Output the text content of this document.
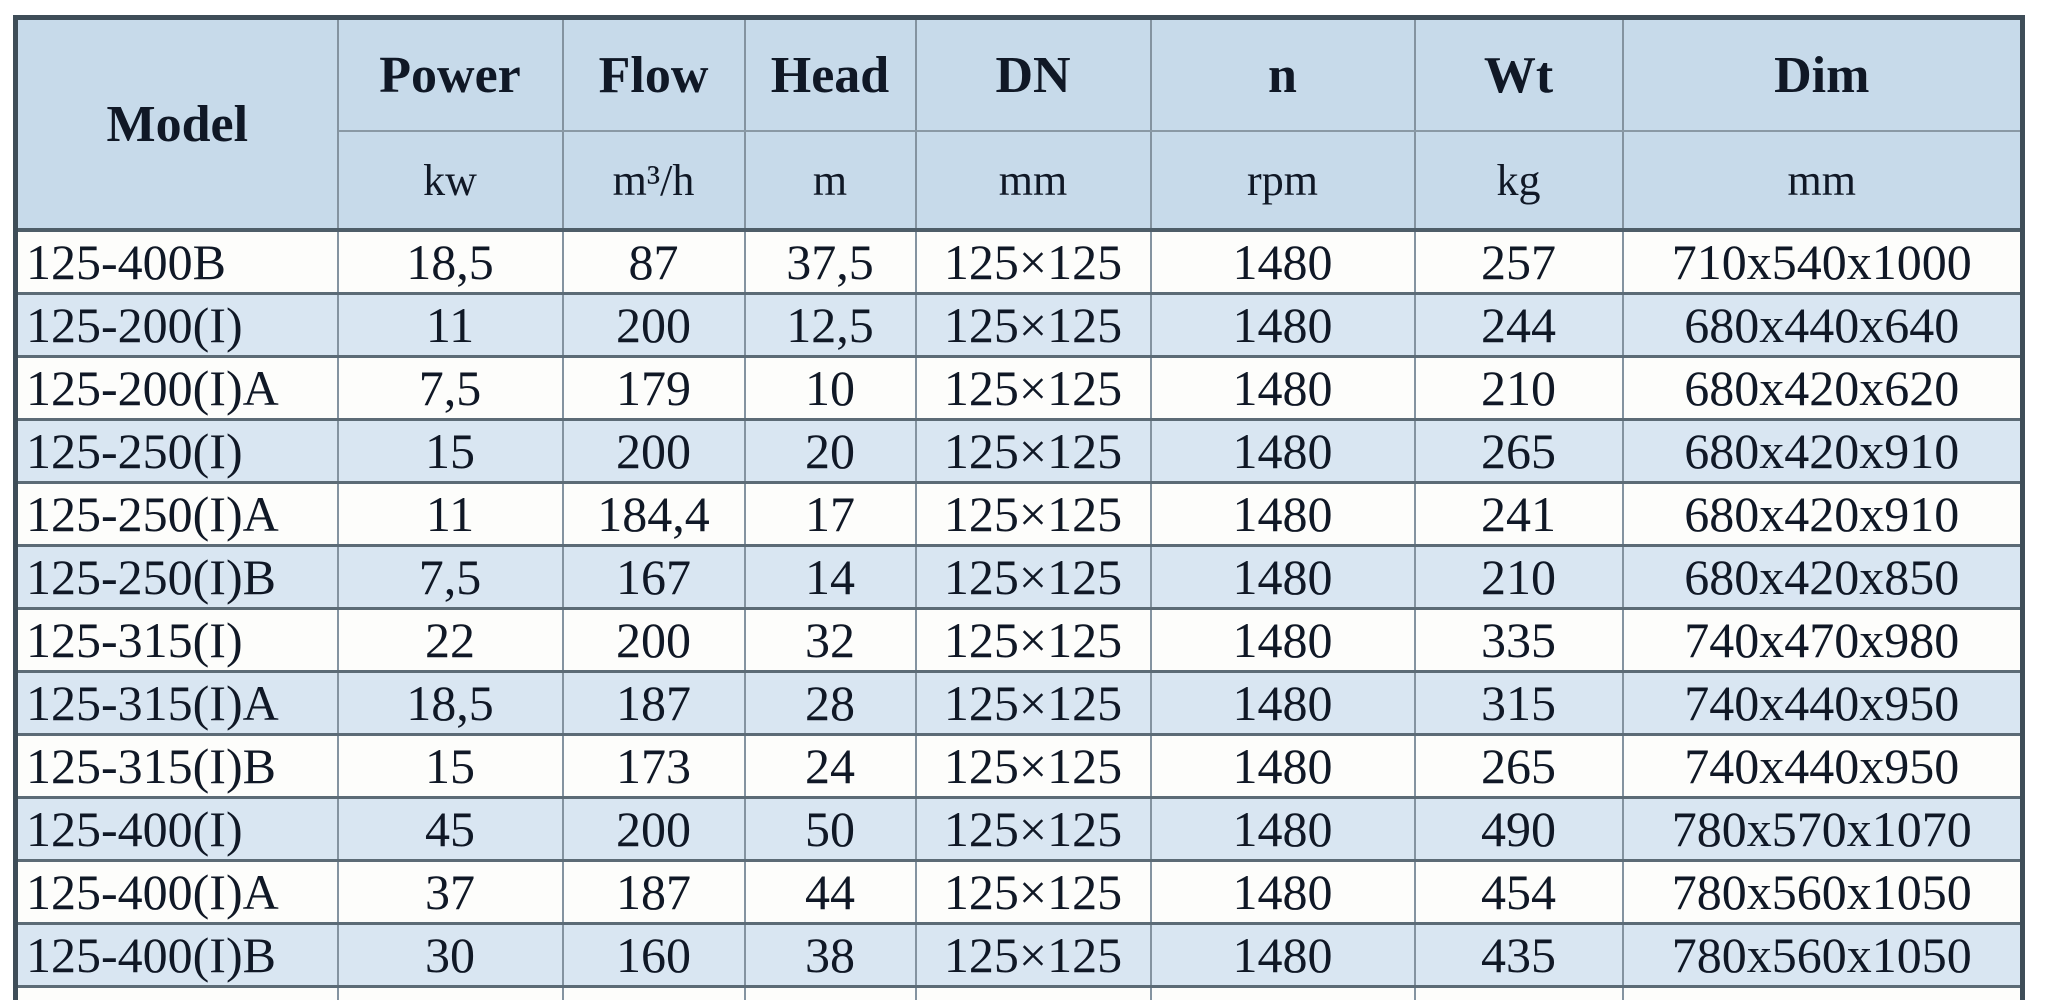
Model	Power	Flow	Head	DN	n	Wt	Dim
	kw	m³/h	m	mm	rpm	kg	mm
125-400B	18,5	87	37,5	125×125	1480	257	710x540x1000
125-200(I)	11	200	12,5	125×125	1480	244	680x440x640
125-200(I)A	7,5	179	10	125×125	1480	210	680x420x620
125-250(I)	15	200	20	125×125	1480	265	680x420x910
125-250(I)A	11	184,4	17	125×125	1480	241	680x420x910
125-250(I)B	7,5	167	14	125×125	1480	210	680x420x850
125-315(I)	22	200	32	125×125	1480	335	740x470x980
125-315(I)A	18,5	187	28	125×125	1480	315	740x440x950
125-315(I)B	15	173	24	125×125	1480	265	740x440x950
125-400(I)	45	200	50	125×125	1480	490	780x570x1070
125-400(I)A	37	187	44	125×125	1480	454	780x560x1050
125-400(I)B	30	160	38	125×125	1480	435	780x560x1050
